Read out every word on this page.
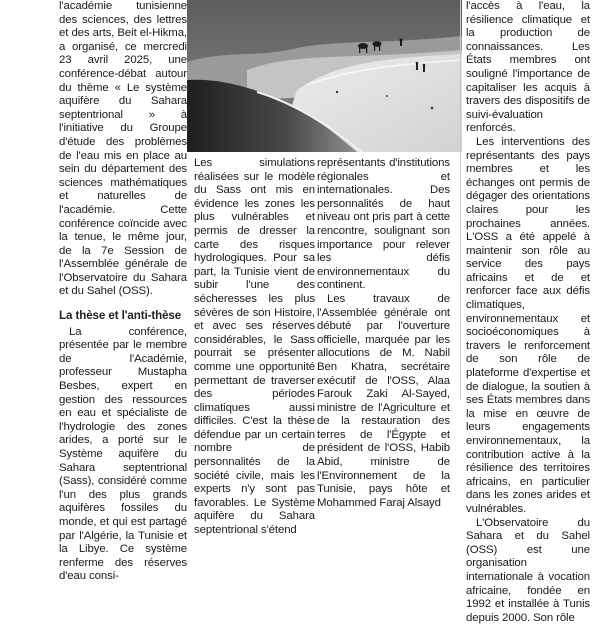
l'académie tunisienne des sciences, des lettres et des arts, Beit el-Hikma, a organisé, ce mercredi 23 avril 2025, une conférence-débat autour du thème « Le système aquifère du Sahara septentrional » à l'initiative du Groupe d'étude des problèmes de l'eau mis en place au sein du département des sciences mathématiques et naturelles de l'académie. Cette conférence coïncide avec la tenue, le même jour, de la 7e Session de l'Assemblée générale de l'Observatoire du Sahara et du Sahel (OSS).

La thèse et l'anti-thèse

La conférence, présentée par le membre de l'Académie, professeur Mustapha Besbes, expert en gestion des ressources en eau et spécialiste de l'hydrologie des zones arides, a porté sur le Système aquifère du Sahara septentrional (Sass), considéré comme l'un des plus grands aquifères fossiles du monde, et qui est partagé par l'Algérie, la Tunisie et la Libye. Ce système renferme des réserves d'eau consi-

Les simulations réalisées sur le modèle du Sass ont mis en évidence les zones les plus vulnérables et permis de dresser la carte des risques hydrologiques. Pour sa part, la Tunisie vient de subir l'une des sécheresses les plus sévères de son Histoire, et avec ses réserves considérables, le Sass pourrait se présenter comme une opportunité permettant de traverser des périodes climatiques aussi difficiles. C'est la thèse défendue par un certain nombre de personnalités de la société civile, mais les experts n'y sont pas favorables. Le Système aquifère du Sahara septentrional s'étend

représentants d'institutions régionales et internationales. Des personnalités de haut niveau ont pris part à cette rencontre, soulignant son importance pour relever les défis environnementaux du continent.

Les travaux de l'Assemblée générale ont débuté par l'ouverture officielle, marquée par les allocutions de M. Nabil Ben Khatra, secrétaire exécutif de l'OSS, Alaa Farouk Zaki Al-Sayed, ministre de l'Agriculture et de la restauration des terres de l'Égypte et président de l'OSS, Habib Abid, ministre de l'Environnement de la Tunisie, pays hôte et Mohammed Faraj Alsayd

l'accès à l'eau, la résilience climatique et la production de connaissances. Les États membres ont souligné l'importance de capitaliser les acquis à travers des dispositifs de suivi-évaluation renforcés.

Les interventions des représentants des pays membres et les échanges ont permis de dégager des orientations claires pour les prochaines années. L'OSS a été appelé à maintenir son rôle au service des pays africains et de et renforcer face aux défis climatiques, environnementaux et socioéconomiques à travers le renforcement de son rôle de plateforme d'expertise et de dialogue, la soutien à ses États membres dans la mise en œuvre de leurs engagements environnementaux, la contribution active à la résilience des territoires africains, en particulier dans les zones arides et vulnérables.

L'Observatoire du Sahara et du Sahel (OSS) est une organisation internationale à vocation africaine, fondée en 1992 et installée à Tunis depuis 2000. Son rôle
